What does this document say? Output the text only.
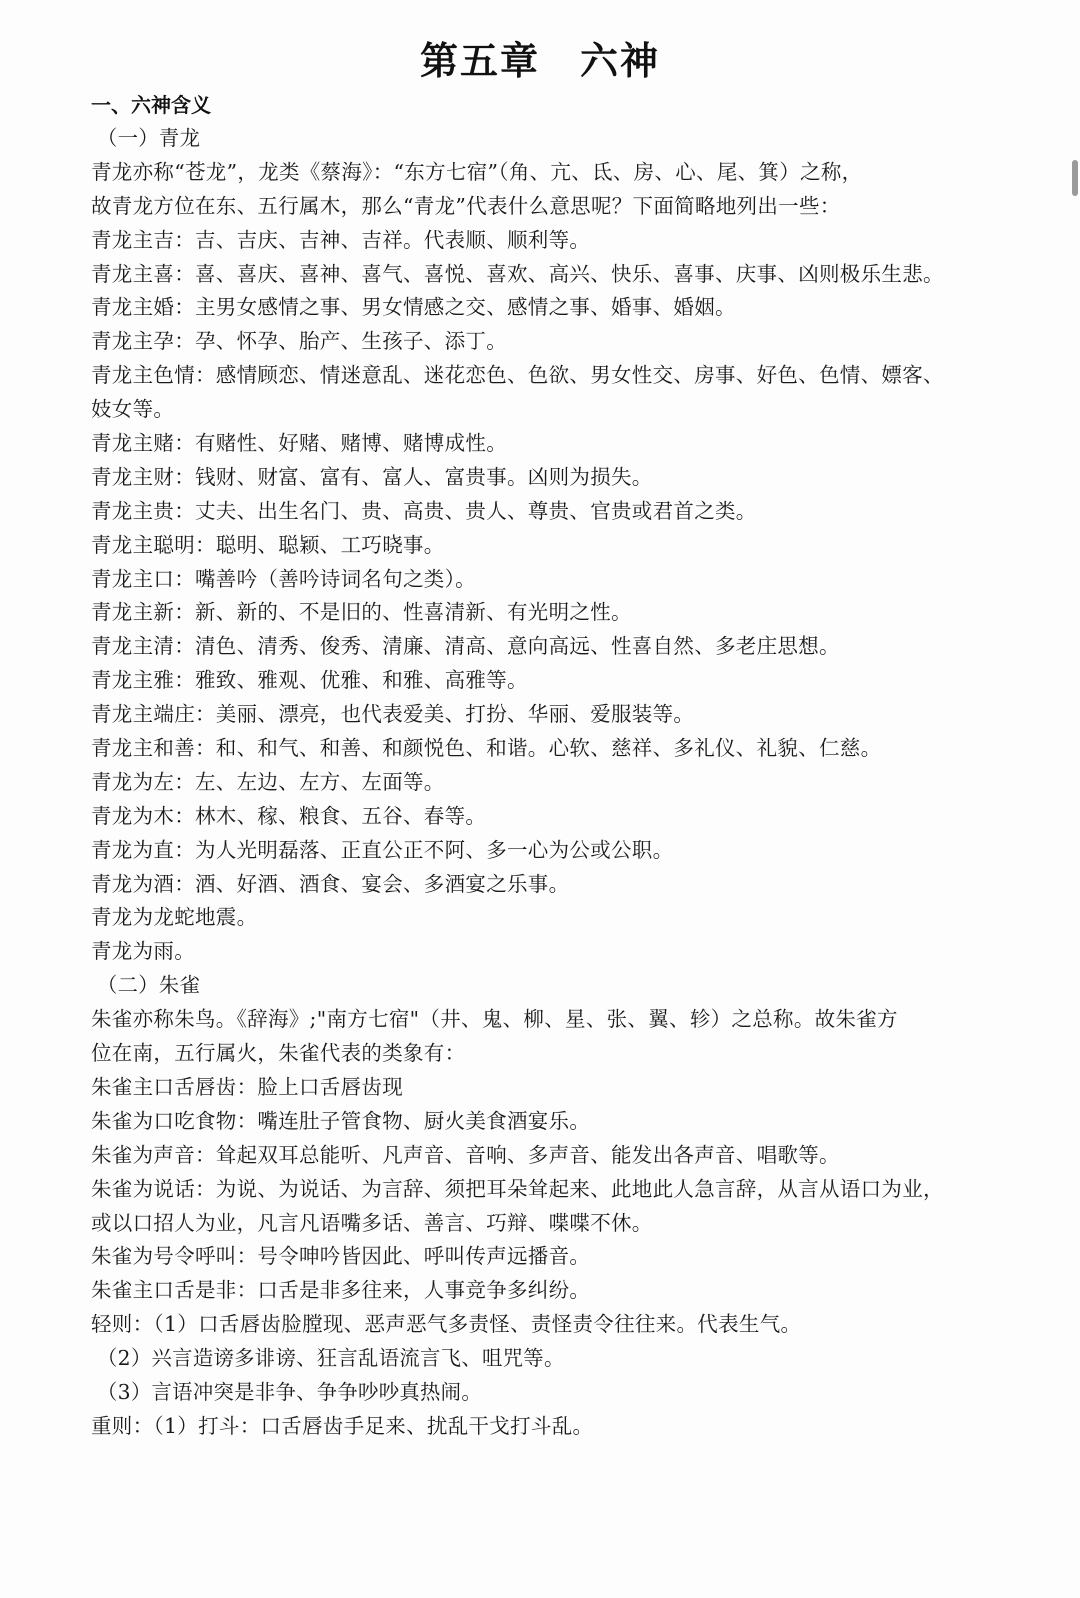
第五章　六神
一、六神含义
（一）青龙
青龙亦称“苍龙”，龙类《蔡海》：“东方七宿”（角、亢、氐、房、心、尾、箕）之称，
故青龙方位在东、五行属木，那么“青龙”代表什么意思呢？下面简略地列出一些：
青龙主吉：吉、吉庆、吉神、吉祥。代表顺、顺利等。
青龙主喜：喜、喜庆、喜神、喜气、喜悦、喜欢、高兴、快乐、喜事、庆事、凶则极乐生悲。
青龙主婚：主男女感情之事、男女情感之交、感情之事、婚事、婚姻。
青龙主孕：孕、怀孕、胎产、生孩子、添丁。
青龙主色情：感情顾恋、情迷意乱、迷花恋色、色欲、男女性交、房事、好色、色情、嫖客、
妓女等。
青龙主赌：有赌性、好赌、赌博、赌博成性。
青龙主财：钱财、财富、富有、富人、富贵事。凶则为损失。
青龙主贵：丈夫、出生名门、贵、高贵、贵人、尊贵、官贵或君首之类。
青龙主聪明：聪明、聪颖、工巧晓事。
青龙主口：嘴善吟（善吟诗词名句之类）。
青龙主新：新、新的、不是旧的、性喜清新、有光明之性。
青龙主清：清色、清秀、俊秀、清廉、清高、意向高远、性喜自然、多老庄思想。
青龙主雅：雅致、雅观、优雅、和雅、高雅等。
青龙主端庄：美丽、漂亮，也代表爱美、打扮、华丽、爱服装等。
青龙主和善：和、和气、和善、和颜悦色、和谐。心软、慈祥、多礼仪、礼貌、仁慈。
青龙为左：左、左边、左方、左面等。
青龙为木：林木、稼、粮食、五谷、春等。
青龙为直：为人光明磊落、正直公正不阿、多一心为公或公职。
青龙为酒：酒、好酒、酒食、宴会、多酒宴之乐事。
青龙为龙蛇地震。
青龙为雨。
（二）朱雀
朱雀亦称朱鸟。《辞海》;"南方七宿"（井、鬼、柳、星、张、翼、轸）之总称。故朱雀方
位在南，五行属火，朱雀代表的类象有：
朱雀主口舌唇齿：脸上口舌唇齿现
朱雀为口吃食物：嘴连肚子管食物、厨火美食酒宴乐。
朱雀为声音：耸起双耳总能听、凡声音、音响、多声音、能发出各声音、唱歌等。
朱雀为说话：为说、为说话、为言辞、须把耳朵耸起来、此地此人急言辞，从言从语口为业，
或以口招人为业，凡言凡语嘴多话、善言、巧辩、喋喋不休。
朱雀为号令呼叫：号令呻吟皆因此、呼叫传声远播音。
朱雀主口舌是非：口舌是非多往来，人事竞争多纠纷。
轻则：（1）口舌唇齿脸膛现、恶声恶气多责怪、责怪责令往往来。代表生气。
（2）兴言造谤多诽谤、狂言乱语流言飞、咀咒等。
（3）言语冲突是非争、争争吵吵真热闹。
重则：（1）打斗：口舌唇齿手足来、扰乱干戈打斗乱。
